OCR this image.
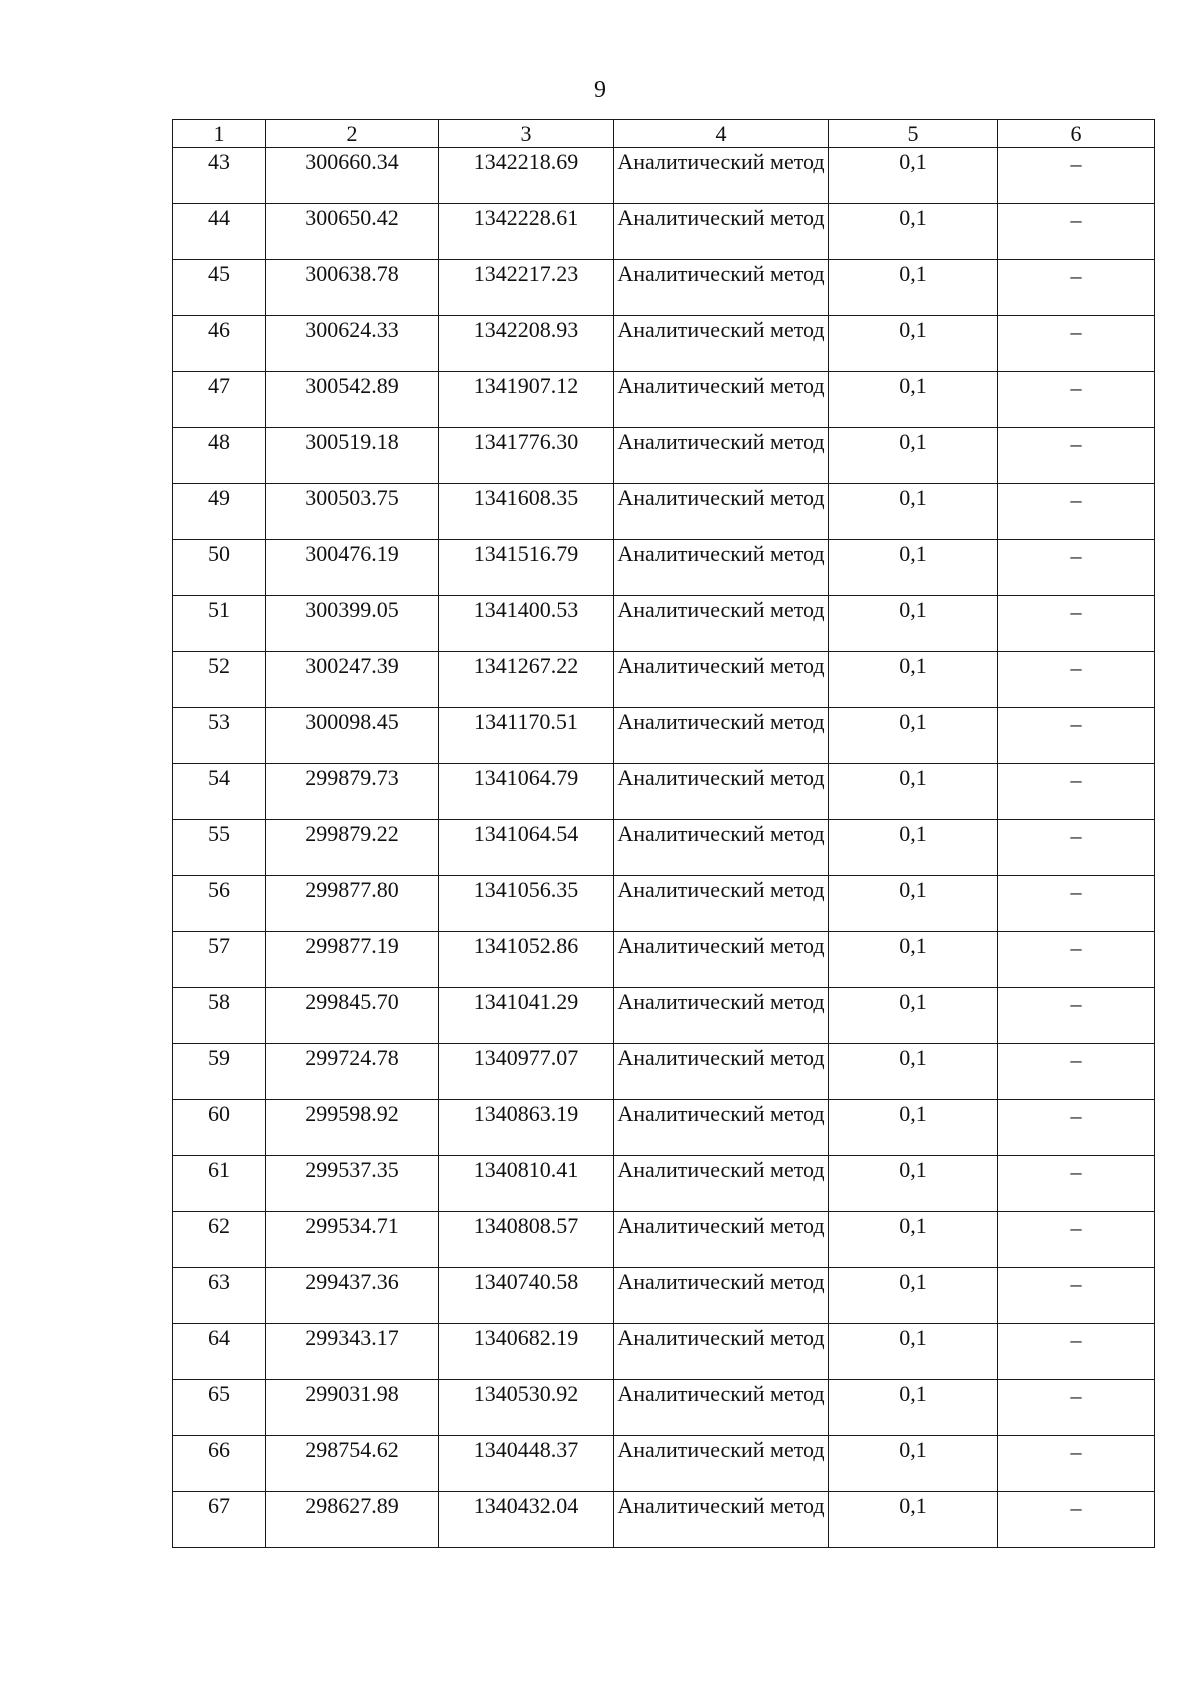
9
1	2	3	4	5	6
43	300660.34	1342218.69	Аналитический метод	0,1	–
44	300650.42	1342228.61	Аналитический метод	0,1	–
45	300638.78	1342217.23	Аналитический метод	0,1	–
46	300624.33	1342208.93	Аналитический метод	0,1	–
47	300542.89	1341907.12	Аналитический метод	0,1	–
48	300519.18	1341776.30	Аналитический метод	0,1	–
49	300503.75	1341608.35	Аналитический метод	0,1	–
50	300476.19	1341516.79	Аналитический метод	0,1	–
51	300399.05	1341400.53	Аналитический метод	0,1	–
52	300247.39	1341267.22	Аналитический метод	0,1	–
53	300098.45	1341170.51	Аналитический метод	0,1	–
54	299879.73	1341064.79	Аналитический метод	0,1	–
55	299879.22	1341064.54	Аналитический метод	0,1	–
56	299877.80	1341056.35	Аналитический метод	0,1	–
57	299877.19	1341052.86	Аналитический метод	0,1	–
58	299845.70	1341041.29	Аналитический метод	0,1	–
59	299724.78	1340977.07	Аналитический метод	0,1	–
60	299598.92	1340863.19	Аналитический метод	0,1	–
61	299537.35	1340810.41	Аналитический метод	0,1	–
62	299534.71	1340808.57	Аналитический метод	0,1	–
63	299437.36	1340740.58	Аналитический метод	0,1	–
64	299343.17	1340682.19	Аналитический метод	0,1	–
65	299031.98	1340530.92	Аналитический метод	0,1	–
66	298754.62	1340448.37	Аналитический метод	0,1	–
67	298627.89	1340432.04	Аналитический метод	0,1	–
